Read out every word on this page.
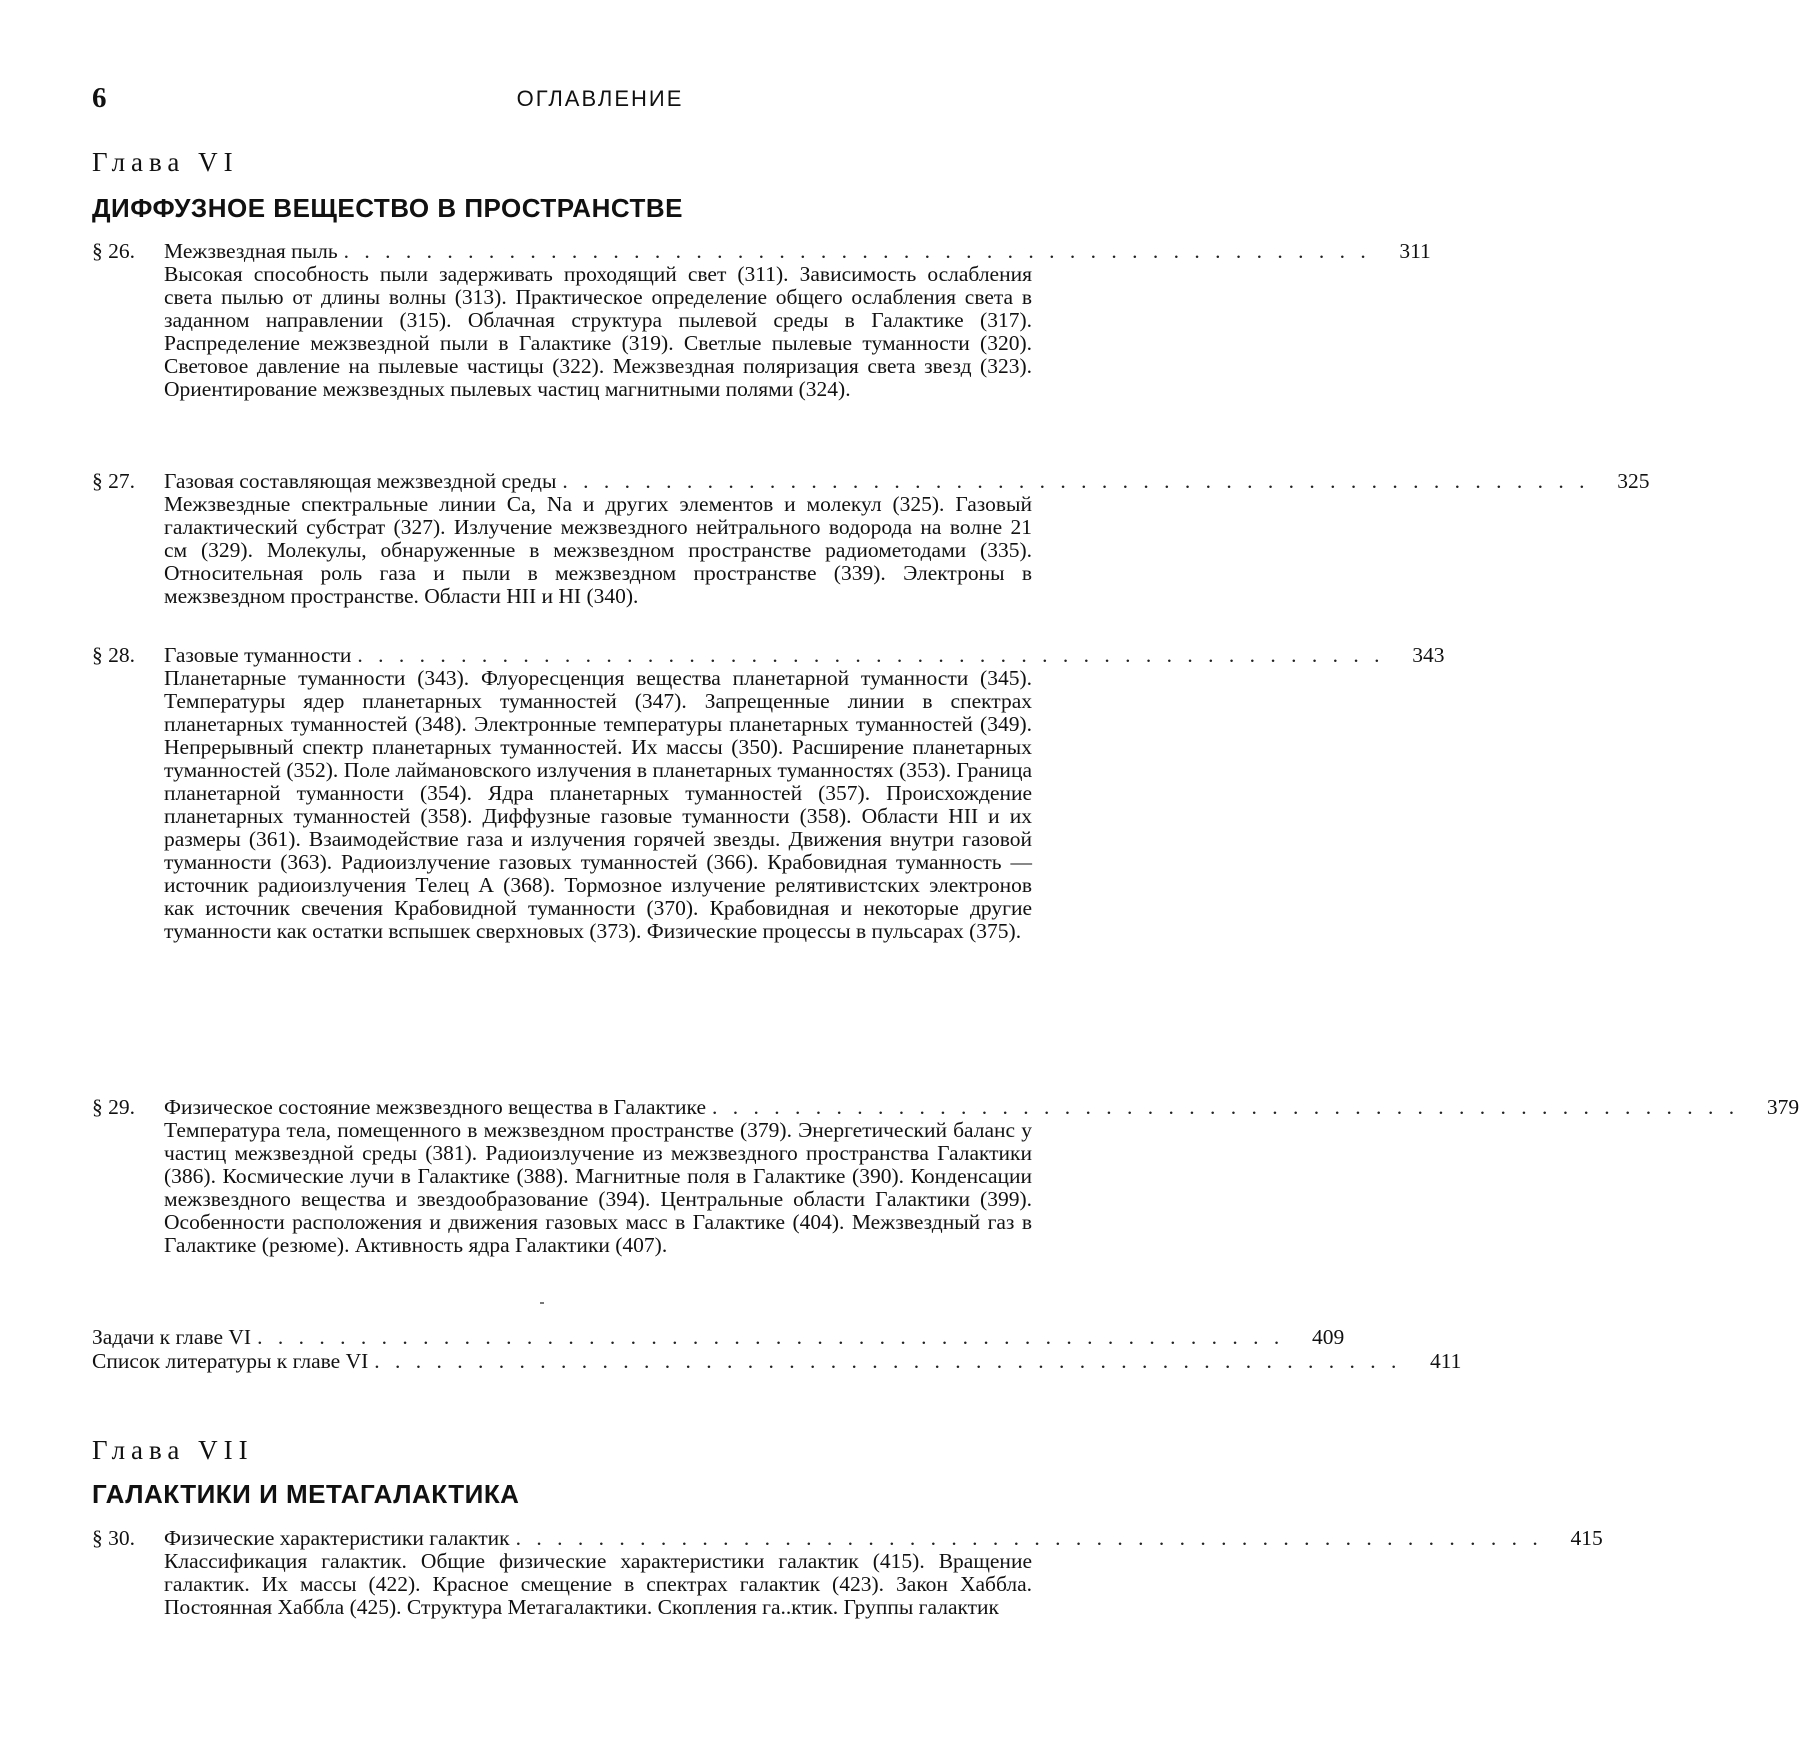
6	ОГЛАВЛЕНИЕ
Глава VI
ДИФФУЗНОЕ ВЕЩЕСТВО В ПРОСТРАНСТВЕ
§ 26.	Межзвездная пыль . . . . . . . . . . . . . . . . . . . . . . . . . . . . . . . . . . . . . . . . . . . . . . . . . .	311
Высокая способность пыли задерживать проходящий свет (311). Зависимость ослабления света пылью от длины волны (313). Практическое определение общего ослабления света в заданном направлении (315). Облачная структура пылевой среды в Галактике (317). Распределение межзвездной пыли в Галактике (319). Светлые пылевые туманности (320). Световое давление на пылевые частицы (322). Межзвездная поляризация света звезд (323). Ориентирование межзвездных пылевых частиц магнитными полями (324).
§ 27.	Газовая составляющая межзвездной среды . . . . . . . . . . . . . . . . . . . . . . . . . . . . . . . . . . . . . . . . . . . . . . . . . .	325
Межзвездные спектральные линии Ca, Na и других элементов и молекул (325). Газовый галактический субстрат (327). Излучение межзвездного нейтрального водорода на волне 21 см (329). Молекулы, обнаруженные в межзвездном пространстве радиометодами (335). Относительная роль газа и пыли в межзвездном пространстве (339). Электроны в межзвездном пространстве. Области HII и HI (340).
§ 28.	Газовые туманности . . . . . . . . . . . . . . . . . . . . . . . . . . . . . . . . . . . . . . . . . . . . . . . . . .	343
Планетарные туманности (343). Флуоресценция вещества планетарной туманности (345). Температуры ядер планетарных туманностей (347). Запрещенные линии в спектрах планетарных туманностей (348). Электронные температуры планетарных туманностей (349). Непрерывный спектр планетарных туманностей. Их массы (350). Расширение планетарных туманностей (352). Поле лаймановского излучения в планетарных туманностях (353). Граница планетарной туманности (354). Ядра планетарных туманностей (357). Происхождение планетарных туманностей (358). Диффузные газовые туманности (358). Области HII и их размеры (361). Взаимодействие газа и излучения горячей звезды. Движения внутри газовой туманности (363). Радиоизлучение газовых туманностей (366). Крабовидная туманность — источник радиоизлучения Телец А (368). Тормозное излучение релятивистских электронов как источник свечения Крабовидной туманности (370). Крабовидная и некоторые другие туманности как остатки вспышек сверхновых (373). Физические процессы в пульсарах (375).
§ 29.	Физическое состояние межзвездного вещества в Галактике . . . . . . . . . . . . . . . . . . . . . . . . . . . . . . . . . . . . . . . . . . . . . . . . . .	379
Температура тела, помещенного в межзвездном пространстве (379). Энергетический баланс у частиц межзвездной среды (381). Радиоизлучение из межзвездного пространства Галактики (386). Космические лучи в Галактике (388). Магнитные поля в Галактике (390). Конденсации межзвездного вещества и звездообразование (394). Центральные области Галактики (399). Особенности расположения и движения газовых масс в Галактике (404). Межзвездный газ в Галактике (резюме). Активность ядра Галактики (407).
Задачи к главе VI . . . . . . . . . . . . . . . . . . . . . . . . . . . . . . . . . . . . . . . . . . . . . . . . . .	409
Список литературы к главе VI . . . . . . . . . . . . . . . . . . . . . . . . . . . . . . . . . . . . . . . . . . . . . . . . . .	411
Глава VII
ГАЛАКТИКИ И МЕТАГАЛАКТИКА
§ 30.	Физические характеристики галактик . . . . . . . . . . . . . . . . . . . . . . . . . . . . . . . . . . . . . . . . . . . . . . . . . .	415
Классификация галактик. Общие физические характеристики галактик (415). Вращение галактик. Их массы (422). Красное смещение в спектрах галактик (423). Закон Хаббла. Постоянная Хаббла (425). Структура Метагалактики. Скопления га..ктик. Группы галактик
